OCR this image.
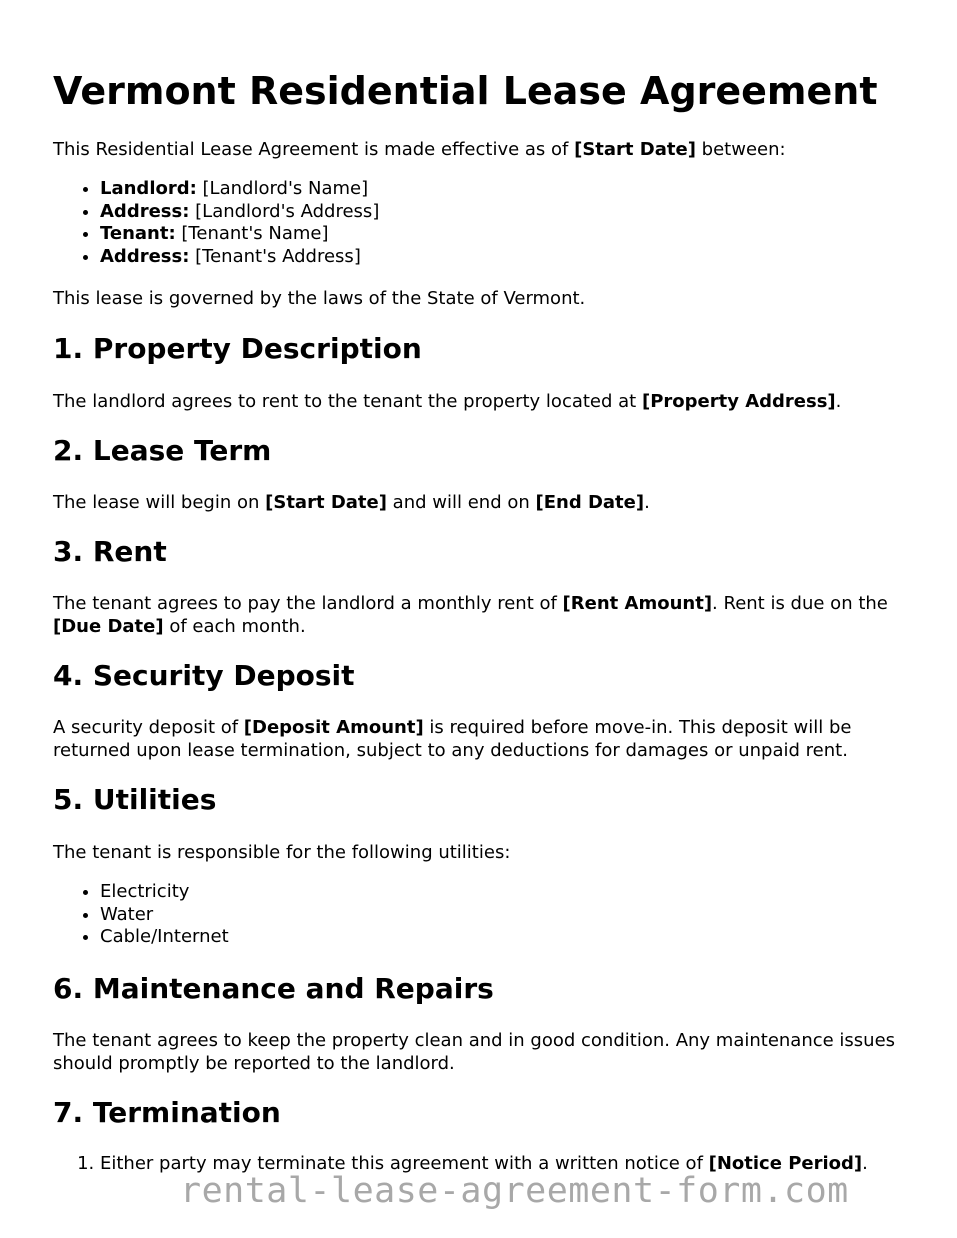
Vermont Residential Lease Agreement

This Residential Lease Agreement is made effective as of [Start Date] between:

• Landlord: [Landlord's Name]
• Address: [Landlord's Address]
• Tenant: [Tenant's Name]
• Address: [Tenant's Address]

This lease is governed by the laws of the State of Vermont.

1. Property Description

The landlord agrees to rent to the tenant the property located at [Property Address].

2. Lease Term

The lease will begin on [Start Date] and will end on [End Date].

3. Rent

The tenant agrees to pay the landlord a monthly rent of [Rent Amount]. Rent is due on the [Due Date] of each month.

4. Security Deposit

A security deposit of [Deposit Amount] is required before move-in. This deposit will be returned upon lease termination, subject to any deductions for damages or unpaid rent.

5. Utilities

The tenant is responsible for the following utilities:

• Electricity
• Water
• Cable/Internet
6. Maintenance and Repairs

The tenant agrees to keep the property clean and in good condition. Any maintenance issues should promptly be reported to the landlord.

7. Termination
1. Either party may terminate this agreement with a written notice of [Notice Period].
rental-lease-agreement-form.com
